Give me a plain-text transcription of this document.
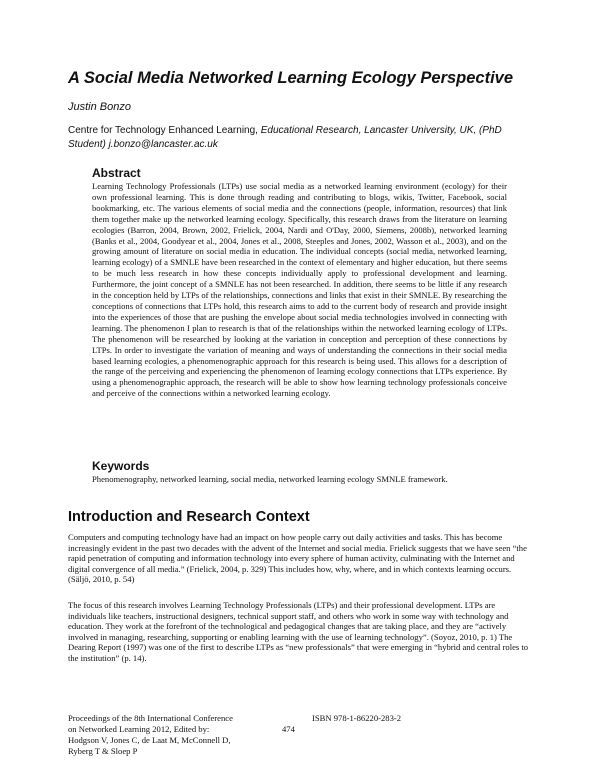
A Social Media Networked Learning Ecology Perspective
Justin Bonzo
Centre for Technology Enhanced Learning, Educational Research, Lancaster University, UK, (PhD Student) j.bonzo@lancaster.ac.uk
Abstract

Learning Technology Professionals (LTPs) use social media as a networked learning environment (ecology) for their own professional learning. This is done through reading and contributing to blogs, wikis, Twitter, Facebook, social bookmarking, etc. The various elements of social media and the connections (people, information, resources) that link them together make up the networked learning ecology. Specifically, this research draws from the literature on learning ecologies (Barron, 2004, Brown, 2002, Frielick, 2004, Nardi and O'Day, 2000, Siemens, 2008b), networked learning (Banks et al., 2004, Goodyear et al., 2004, Jones et al., 2008, Steeples and Jones, 2002, Wasson et al., 2003), and on the growing amount of literature on social media in education. The individual concepts (social media, networked learning, learning ecology) of a SMNLE have been researched in the context of elementary and higher education, but there seems to be much less research in how these concepts individually apply to professional development and learning. Furthermore, the joint concept of a SMNLE has not been researched. In addition, there seems to be little if any research in the conception held by LTPs of the relationships, connections and links that exist in their SMNLE. By researching the conceptions of connections that LTPs hold, this research aims to add to the current body of research and provide insight into the experiences of those that are pushing the envelope about social media technologies involved in connecting with learning. The phenomenon I plan to research is that of the relationships within the networked learning ecology of LTPs. The phenomenon will be researched by looking at the variation in conception and perception of these connections by LTPs. In order to investigate the variation of meaning and ways of understanding the connections in their social media based learning ecologies, a phenomenographic approach for this research is being used. This allows for a description of the range of the perceiving and experiencing the phenomenon of learning ecology connections that LTPs experience. By using a phenomenographic approach, the research will be able to show how learning technology professionals conceive and perceive of the connections within a networked learning ecology.

Keywords

Phenomenography, networked learning, social media, networked learning ecology SMNLE framework.

Introduction and Research Context

Computers and computing technology have had an impact on how people carry out daily activities and tasks. This has become increasingly evident in the past two decades with the advent of the Internet and social media. Frielick suggests that we have seen “the rapid penetration of computing and information technology into every sphere of human activity, culminating with the Internet and digital convergence of all media.” (Frielick, 2004, p. 329) This includes how, why, where, and in which contexts learning occurs. (Säljö, 2010, p. 54)

The focus of this research involves Learning Technology Professionals (LTPs) and their professional development. LTPs are individuals like teachers, instructional designers, technical support staff, and others who work in some way with technology and education. They work at the forefront of the technological and pedagogical changes that are taking place, and they are “actively involved in managing, researching, supporting or enabling learning with the use of learning technology”. (Soyoz, 2010, p. 1) The Dearing Report (1997) was one of the first to describe LTPs as “new professionals” that were emerging in “hybrid and central roles to the institution” (p. 14).

Proceedings of the 8th International Conference
on Networked Learning 2012, Edited by:
Hodgson V, Jones C, de Laat M, McConnell D,
Ryberg T & Sloep P
474
ISBN 978-1-86220-283-2
